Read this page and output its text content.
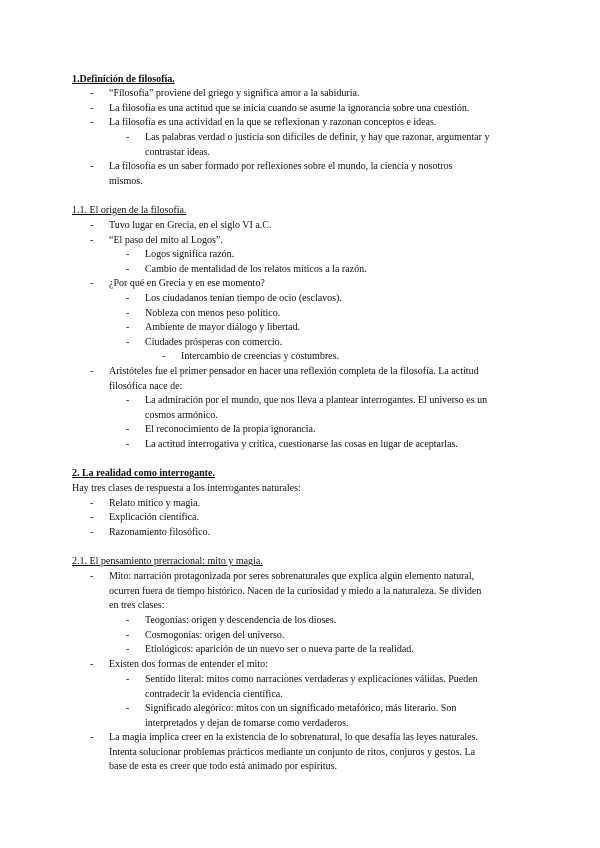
1.Definición de filosofía.
- “Filosofía” proviene del griego y significa amor a la sabiduría.
- La filosofía es una actitud que se inicia cuando se asume la ignorancia sobre una cuestión.
- La filosofía es una actividad en la que se reflexionan y razonan conceptos e ideas.
- Las palabras verdad o justicia son difíciles de definir, y hay que razonar, argumentar y
contrastar ideas.
- La filosofía es un saber formado por reflexiones sobre el mundo, la ciencia y nosotros
mismos.
1.1. El origen de la filosofía.
- Tuvo lugar en Grecia, en el siglo VI a.C.
- “El paso del mito al Logos”.
- Logos significa razón.
- Cambio de mentalidad de los relatos míticos a la razón.
- ¿Por qué en Grecia y en ese momento?
- Los ciudadanos tenían tiempo de ocio (esclavos).
- Nobleza con menos peso político.
- Ambiente de mayor diálogo y libertad.
- Ciudades prósperas con comercio.
- Intercambio de creencias y costumbres.
- Aristóteles fue el primer pensador en hacer una reflexión completa de la filosofía. La actitud
filosófica nace de:
- La admiración por el mundo, que nos lleva a plantear interrogantes. El universo es un
cosmos armónico.
- El reconocimiento de la propia ignorancia.
- La actitud interrogativa y crítica, cuestionarse las cosas en lugar de aceptarlas.
2. La realidad como interrogante.
Hay tres clases de respuesta a los interrogantes naturales:
- Relato mítico y magia.
- Explicación científica.
- Razonamiento filosófico.
2.1. El pensamiento prerracional: mito y magia.
- Mito: narración protagonizada por seres sobrenaturales que explica algún elemento natural,
ocurren fuera de tiempo histórico. Nacen de la curiosidad y miedo a la naturaleza. Se dividen
en tres clases:
- Teogonías: origen y descendencia de los dioses.
- Cosmogonías: origen del universo.
- Etiológicos: aparición de un nuevo ser o nueva parte de la realidad.
- Existen dos formas de entender el mito:
- Sentido literal: mitos como narraciones verdaderas y explicaciones válidas. Pueden
contradecir la evidencia científica.
- Significado alegórico: mitos con un significado metafórico, más literario. Son
interpretados y dejan de tomarse como verdaderos.
- La magia implica creer en la existencia de lo sobrenatural, lo que desafía las leyes naturales.
Intenta solucionar problemas prácticos mediante un conjunto de ritos, conjuros y gestos. La
base de esta es creer que todo está animado por espíritus.
